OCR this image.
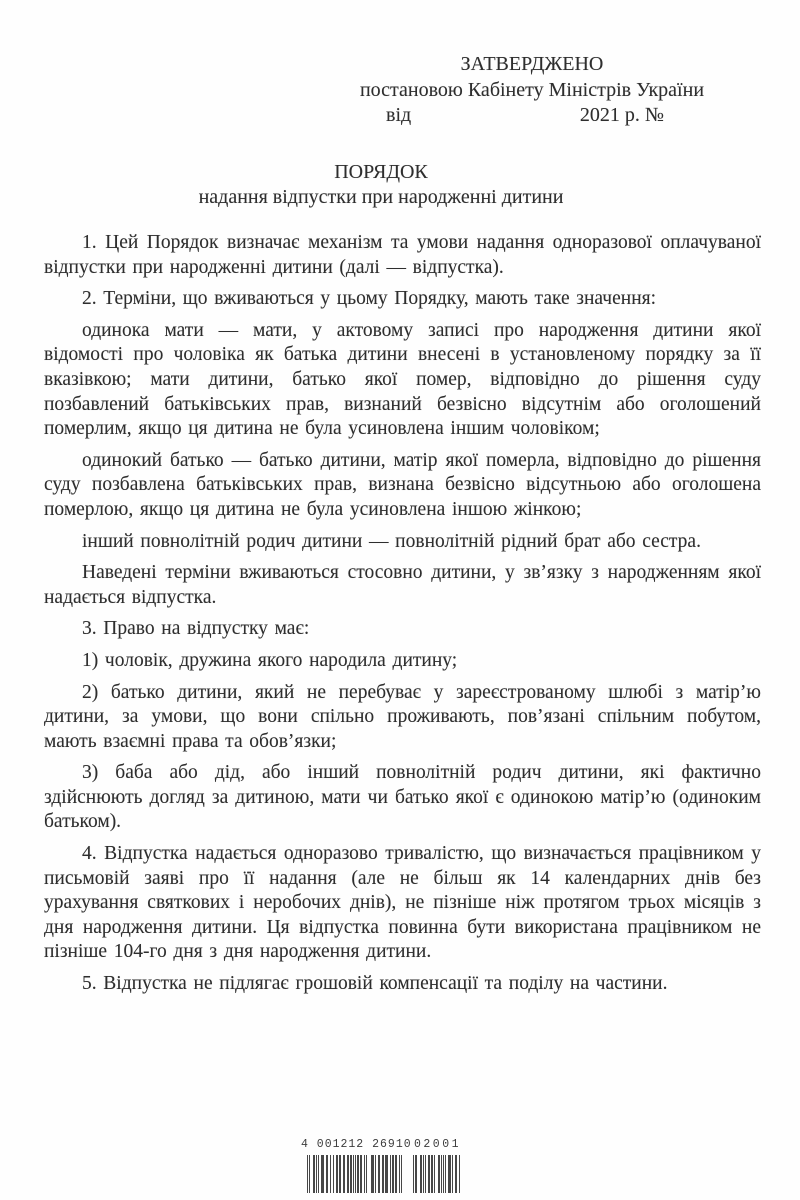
ЗАТВЕРДЖЕНО
постановою Кабінету Міністрів України
від	2021 р. №
ПОРЯДОК
надання відпустки при народженні дитини

1. Цей Порядок визначає механізм та умови надання одноразової оплачуваної відпустки при народженні дитини (далі — відпустка).

2. Терміни, що вживаються у цьому Порядку, мають таке значення:

одинока мати — мати, у актовому записі про народження дитини якої відомості про чоловіка як батька дитини внесені в установленому порядку за її вказівкою; мати дитини, батько якої помер, відповідно до рішення суду позбавлений батьківських прав, визнаний безвісно відсутнім або оголошений померлим, якщо ця дитина не була усиновлена іншим чоловіком;

одинокий батько — батько дитини, матір якої померла, відповідно до рішення суду позбавлена батьківських прав, визнана безвісно відсутньою або оголошена померлою, якщо ця дитина не була усиновлена іншою жінкою;

інший повнолітній родич дитини — повнолітній рідний брат або сестра.

Наведені терміни вживаються стосовно дитини, у зв’язку з народженням якої надається відпустка.

3. Право на відпустку має:

1) чоловік, дружина якого народила дитину;

2) батько дитини, який не перебуває у зареєстрованому шлюбі з матір’ю дитини, за умови, що вони спільно проживають, пов’язані спільним побутом, мають взаємні права та обов’язки;

3) баба або дід, або інший повнолітній родич дитини, які фактично здійснюють догляд за дитиною, мати чи батько якої є одинокою матір’ю (одиноким батьком).

4. Відпустка надається одноразово тривалістю, що визначається працівником у письмовій заяві про її надання (але не більш як 14 календарних днів без урахування святкових і неробочих днів), не пізніше ніж протягом трьох місяців з дня народження дитини. Ця відпустка повинна бути використана працівником не пізніше 104-го дня з дня народження дитини.

5. Відпустка не підлягає грошовій компенсації та поділу на частини.

4 001212 26910 02001
